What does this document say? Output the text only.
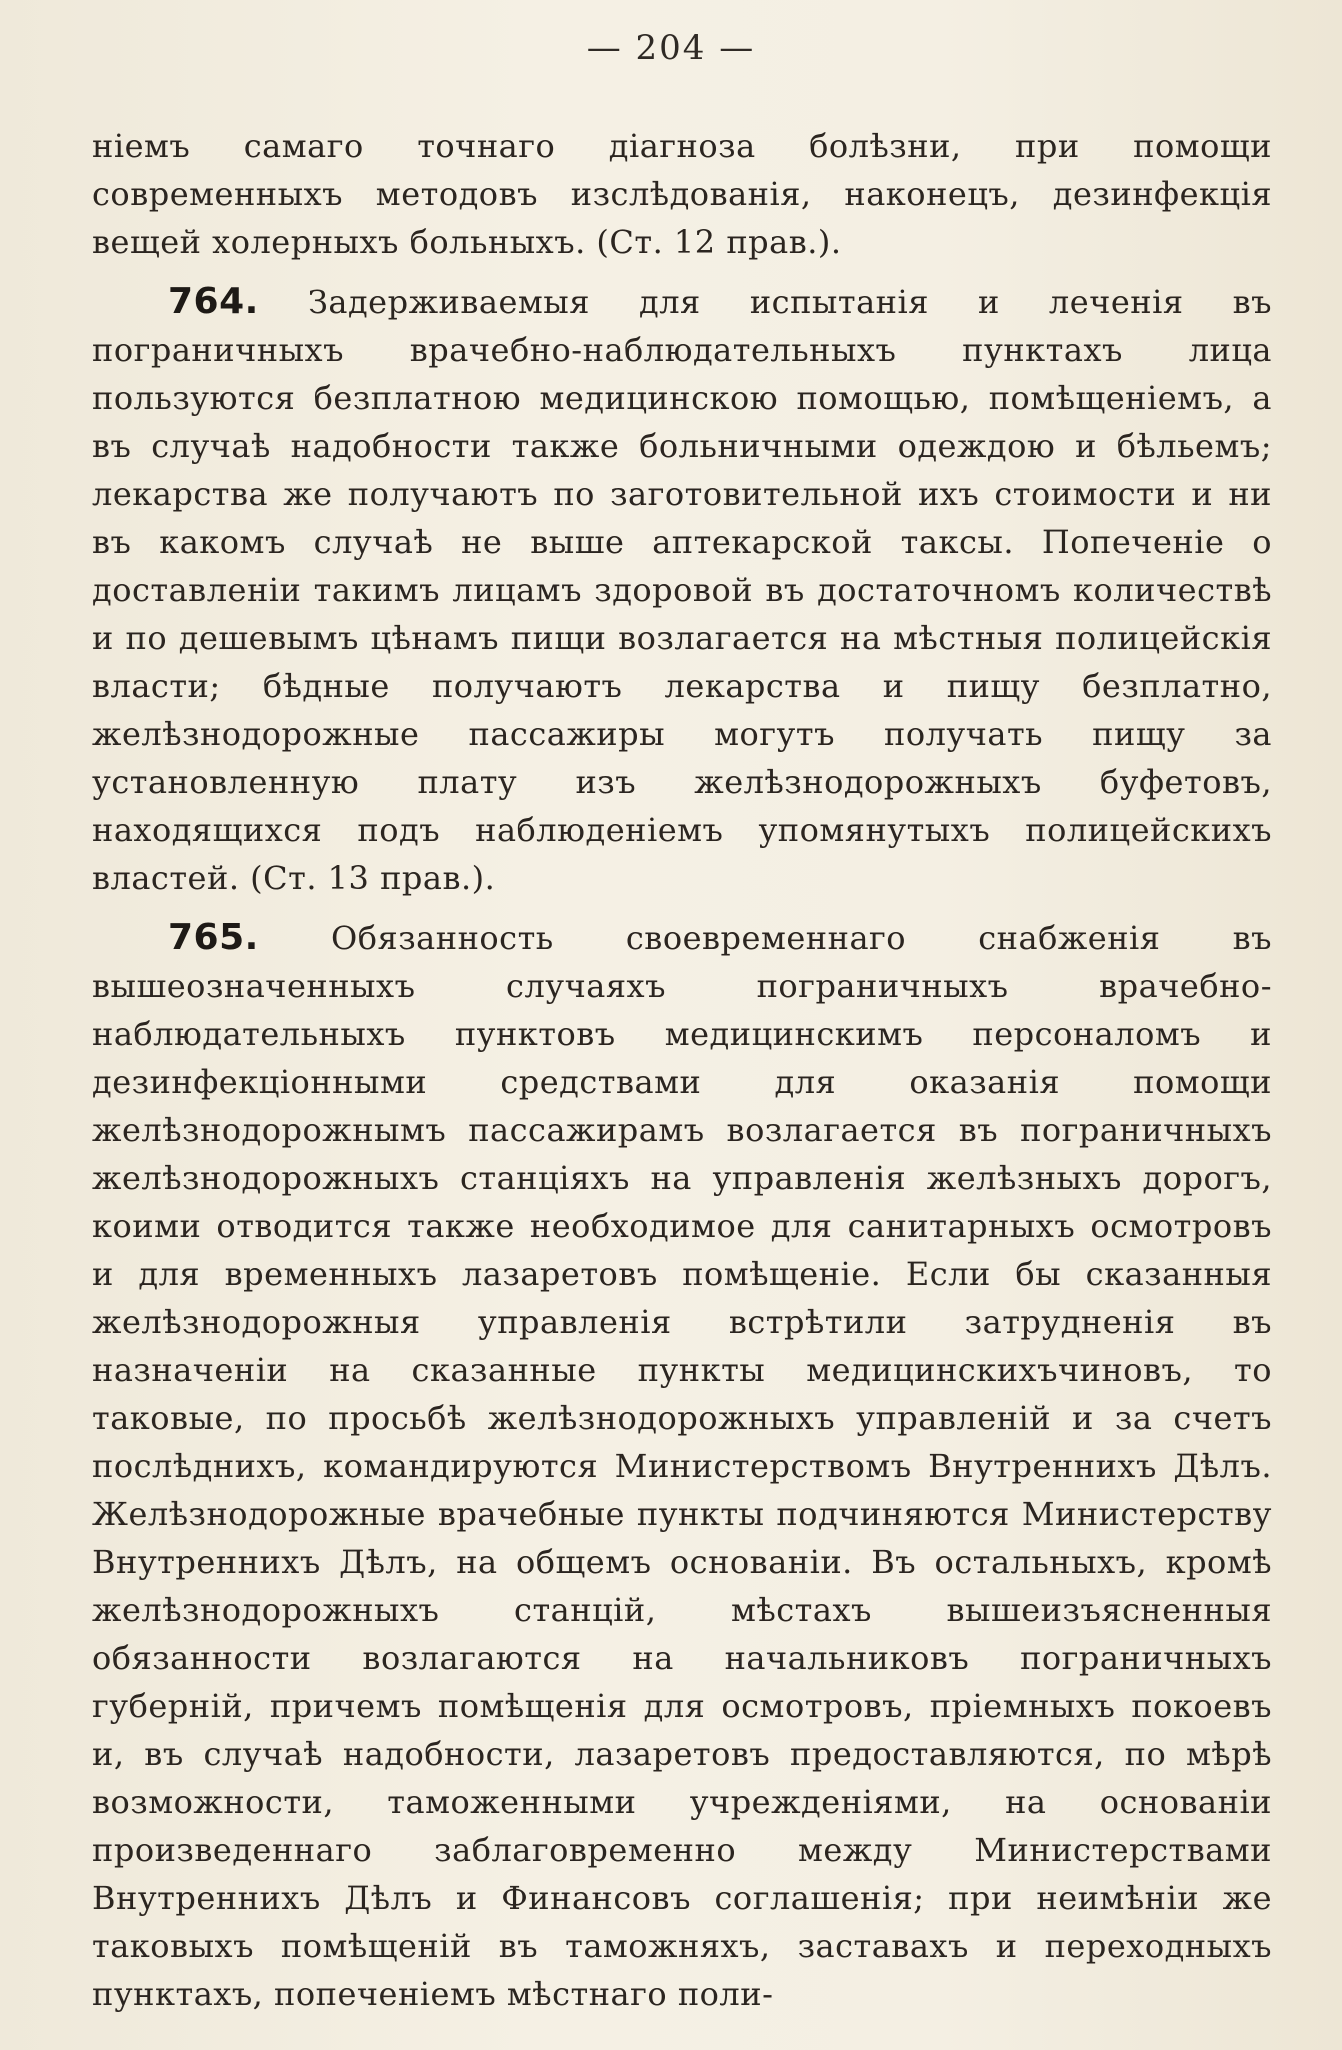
— 204 —

ніемъ самаго точнаго діагноза болѣзни, при помощи современныхъ методовъ изслѣдованія, наконецъ, дезинфекція вещей холерныхъ больныхъ. (Ст. 12 прав.).

764. Задерживаемыя для испытанія и леченія въ пограничныхъ врачебно-наблюдательныхъ пунктахъ лица пользуются безплатною медицинскою помощью, помѣщеніемъ, а въ случаѣ надобности также больничными одеждою и бѣльемъ; лекарства же получаютъ по заготовительной ихъ стоимости и ни въ какомъ случаѣ не выше аптекарской таксы. Попеченіе о доставленіи такимъ лицамъ здоровой въ достаточномъ количествѣ и по дешевымъ цѣнамъ пищи возлагается на мѣстныя полицейскія власти; бѣдные получаютъ лекарства и пищу безплатно, желѣзнодорожные пассажиры могутъ получать пищу за установленную плату изъ желѣзнодорожныхъ буфетовъ, находящихся подъ наблюденіемъ упомянутыхъ полицейскихъ властей. (Ст. 13 прав.).

765. Обязанность своевременнаго снабженія въ вышеозначенныхъ случаяхъ пограничныхъ врачебно-наблюдательныхъ пунктовъ медицинскимъ персоналомъ и дезинфекціонными средствами для оказанія помощи желѣзнодорожнымъ пассажирамъ возлагается въ пограничныхъ желѣзнодорожныхъ станціяхъ на управленія желѣзныхъ дорогъ, коими отводится также необходимое для санитарныхъ осмотровъ и для временныхъ лазаретовъ помѣщеніе. Если бы сказанныя желѣзнодорожныя управленія встрѣтили затрудненія въ назначеніи на сказанные пункты медицинскихъчиновъ, то таковые, по просьбѣ желѣзнодорожныхъ управленій и за счетъ послѣднихъ, командируются Министерствомъ Внутреннихъ Дѣлъ. Желѣзнодорожные врачебные пункты подчиняются Министерству Внутреннихъ Дѣлъ, на общемъ основаніи. Въ остальныхъ, кромѣ желѣзнодорожныхъ станцій, мѣстахъ вышеизъясненныя обязанности возлагаются на начальниковъ пограничныхъ губерній, причемъ помѣщенія для осмотровъ, пріемныхъ покоевъ и, въ случаѣ надобности, лазаретовъ предоставляются, по мѣрѣ возможности, таможенными учрежденіями, на основаніи произведеннаго заблаговременно между Министерствами Внутреннихъ Дѣлъ и Финансовъ соглашенія; при неимѣніи же таковыхъ помѣщеній въ таможняхъ, заставахъ и переходныхъ пунктахъ, попеченіемъ мѣстнаго поли-
